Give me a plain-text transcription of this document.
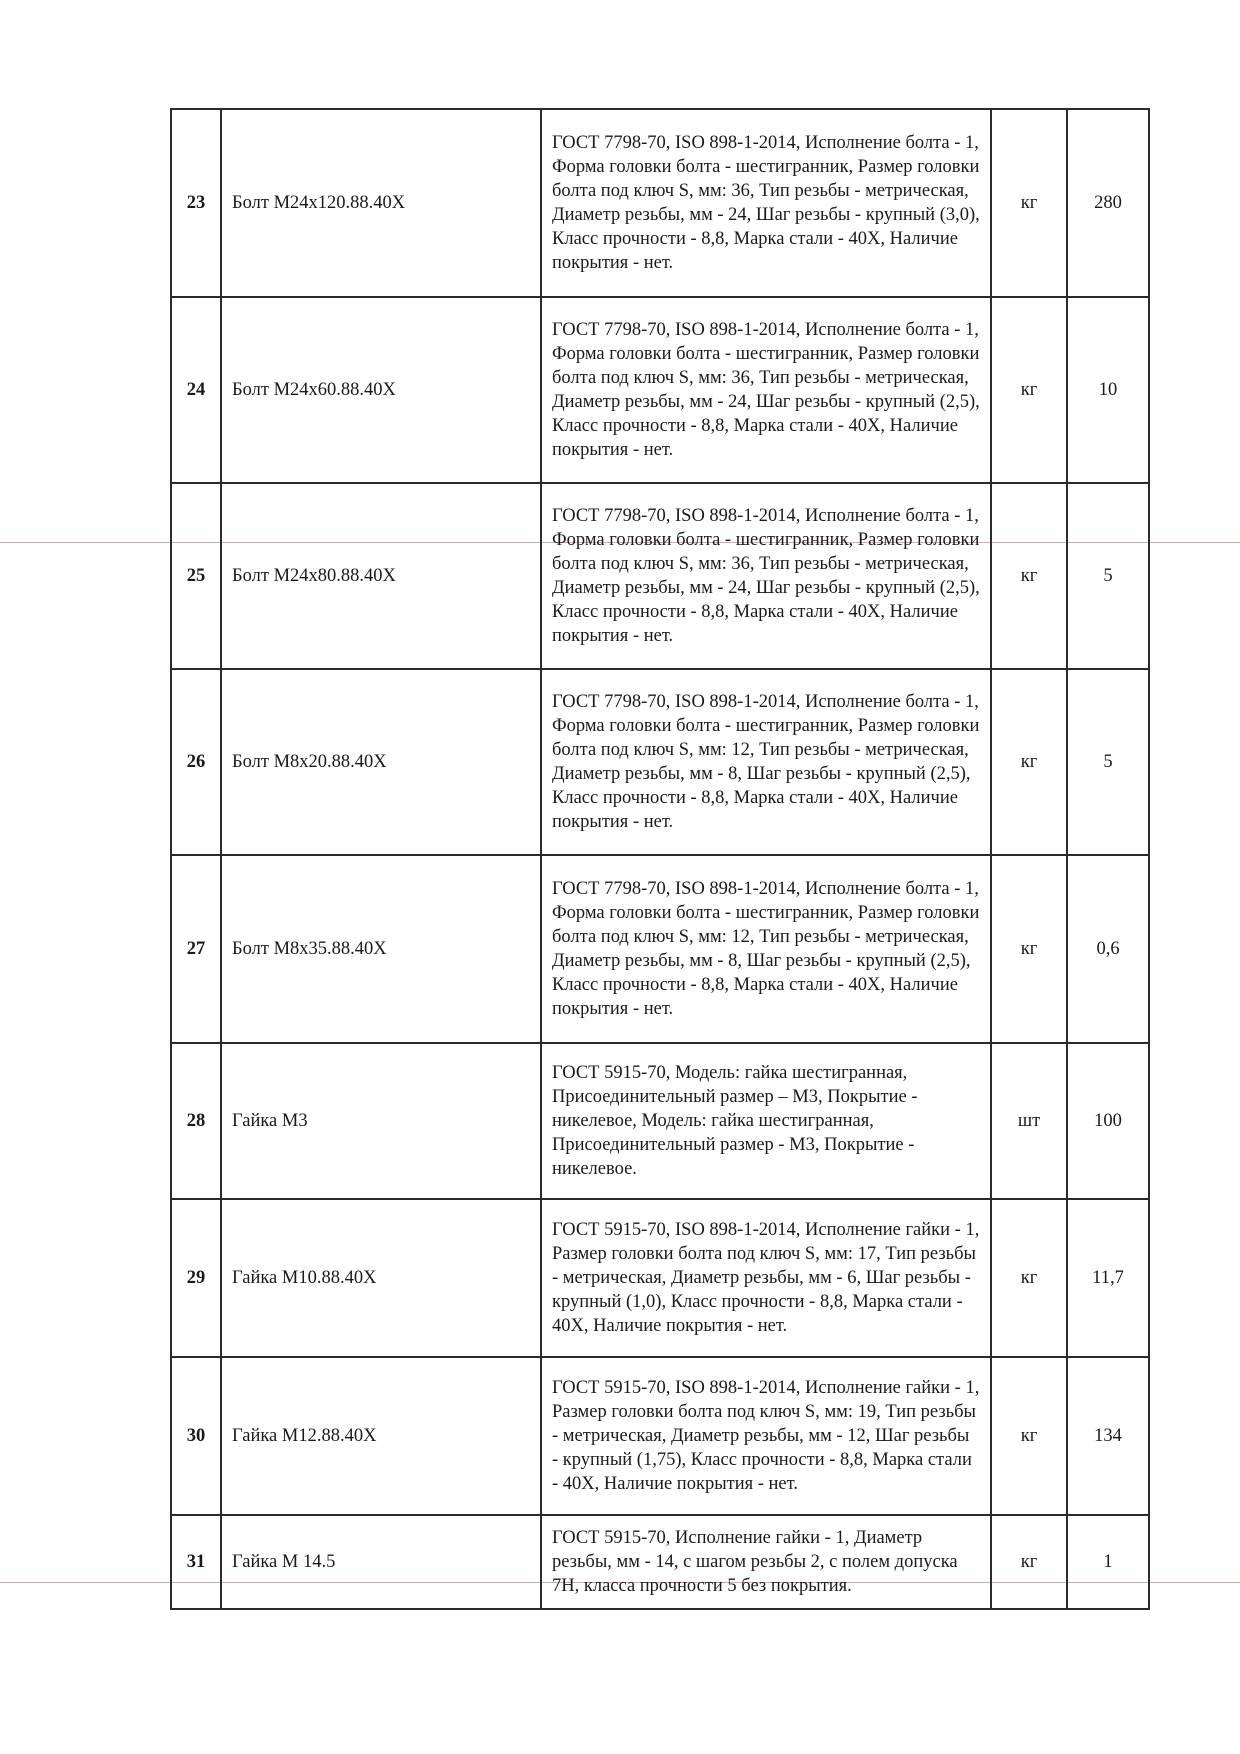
23	Болт М24х120.88.40Х	ГОСТ 7798-70, ISO 898-1-2014, Исполнение болта - 1, Форма головки болта - шестигранник, Размер головки болта под ключ S, мм: 36, Тип резьбы - метрическая, Диаметр резьбы, мм - 24, Шаг резьбы - крупный (3,0), Класс прочности - 8,8, Марка стали - 40Х, Наличие покрытия - нет.	кг	280
24	Болт М24х60.88.40Х	ГОСТ 7798-70, ISO 898-1-2014, Исполнение болта - 1, Форма головки болта - шестигранник, Размер головки болта под ключ S, мм: 36, Тип резьбы - метрическая, Диаметр резьбы, мм - 24, Шаг резьбы - крупный (2,5), Класс прочности - 8,8, Марка стали - 40Х, Наличие покрытия - нет.	кг	10
25	Болт М24х80.88.40Х	ГОСТ 7798-70, ISO 898-1-2014, Исполнение болта - 1, Форма головки болта - шестигранник, Размер головки болта под ключ S, мм: 36, Тип резьбы - метрическая, Диаметр резьбы, мм - 24, Шаг резьбы - крупный (2,5), Класс прочности - 8,8, Марка стали - 40Х, Наличие покрытия - нет.	кг	5
26	Болт М8х20.88.40Х	ГОСТ 7798-70, ISO 898-1-2014, Исполнение болта - 1, Форма головки болта - шестигранник, Размер головки болта под ключ S, мм: 12, Тип резьбы - метрическая, Диаметр резьбы, мм - 8, Шаг резьбы - крупный (2,5), Класс прочности - 8,8, Марка стали - 40Х, Наличие покрытия - нет.	кг	5
27	Болт М8х35.88.40Х	ГОСТ 7798-70, ISO 898-1-2014, Исполнение болта - 1, Форма головки болта - шестигранник, Размер головки болта под ключ S, мм: 12, Тип резьбы - метрическая, Диаметр резьбы, мм - 8, Шаг резьбы - крупный (2,5), Класс прочности - 8,8, Марка стали - 40Х, Наличие покрытия - нет.	кг	0,6
28	Гайка М3	ГОСТ 5915-70, Модель: гайка шестигранная, Присоединительный размер – М3, Покрытие - никелевое, Модель: гайка шестигранная, Присоединительный размер - М3, Покрытие - никелевое.	шт	100
29	Гайка М10.88.40Х	ГОСТ 5915-70, ISO 898-1-2014, Исполнение гайки - 1, Размер головки болта под ключ S, мм: 17, Тип резьбы - метрическая, Диаметр резьбы, мм - 6, Шаг резьбы - крупный (1,0), Класс прочности - 8,8, Марка стали - 40Х, Наличие покрытия - нет.	кг	11,7
30	Гайка М12.88.40Х	ГОСТ 5915-70, ISO 898-1-2014, Исполнение гайки - 1, Размер головки болта под ключ S, мм: 19, Тип резьбы - метрическая, Диаметр резьбы, мм - 12, Шаг резьбы - крупный (1,75), Класс прочности - 8,8, Марка стали - 40Х, Наличие покрытия - нет.	кг	134
31	Гайка М 14.5	ГОСТ 5915-70, Исполнение гайки - 1, Диаметр резьбы, мм - 14, с шагом резьбы 2, с полем допуска 7Н, класса прочности 5 без покрытия.	кг	1
